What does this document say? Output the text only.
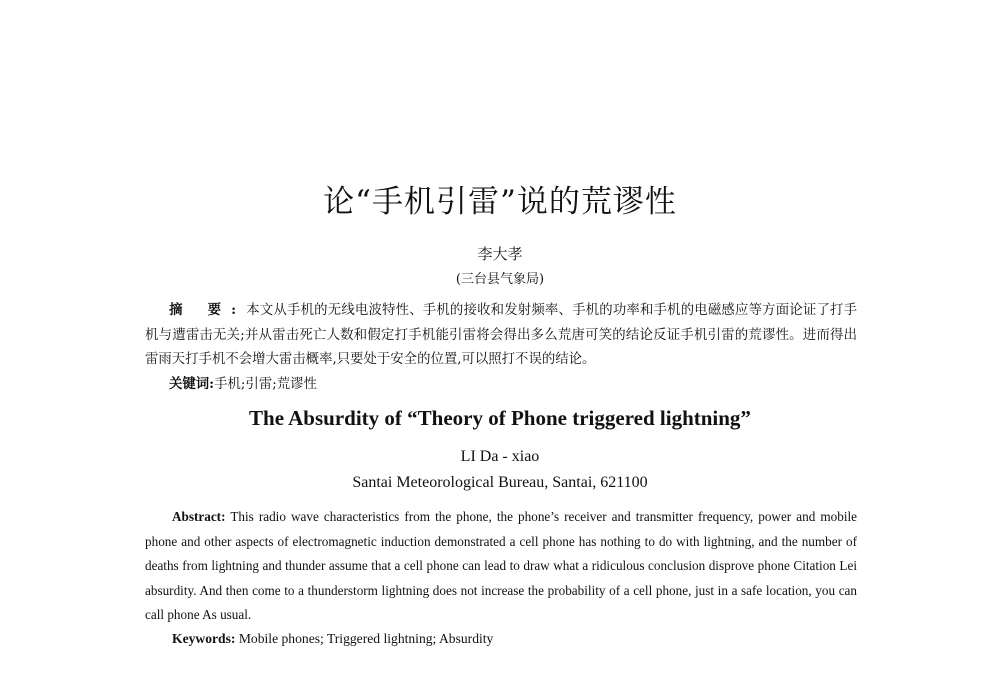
论“手机引雷”说的荒谬性
李大孝
(三台县气象局)
摘 要:本文从手机的无线电波特性、手机的接收和发射频率、手机的功率和手机的电磁感应等方面论证了打手机与遭雷击无关;并从雷击死亡人数和假定打手机能引雷将会得出多么荒唐可笑的结论反证手机引雷的荒谬性。进而得出雷雨天打手机不会增大雷击概率,只要处于安全的位置,可以照打不误的结论。
关键词:手机;引雷;荒谬性
The Absurdity of “Theory of Phone triggered lightning”
LI Da - xiao
Santai Meteorological Bureau, Santai, 621100
Abstract: This radio wave characteristics from the phone, the phone’s receiver and transmitter frequency, power and mobile phone and other aspects of electromagnetic induction demonstrated a cell phone has nothing to do with lightning, and the number of deaths from lightning and thunder assume that a cell phone can lead to draw what a ridiculous conclusion disprove phone Citation Lei absurdity. And then come to a thunderstorm lightning does not increase the probability of a cell phone, just in a safe location, you can call phone As usual.
Keywords: Mobile phones; Triggered lightning; Absurdity
